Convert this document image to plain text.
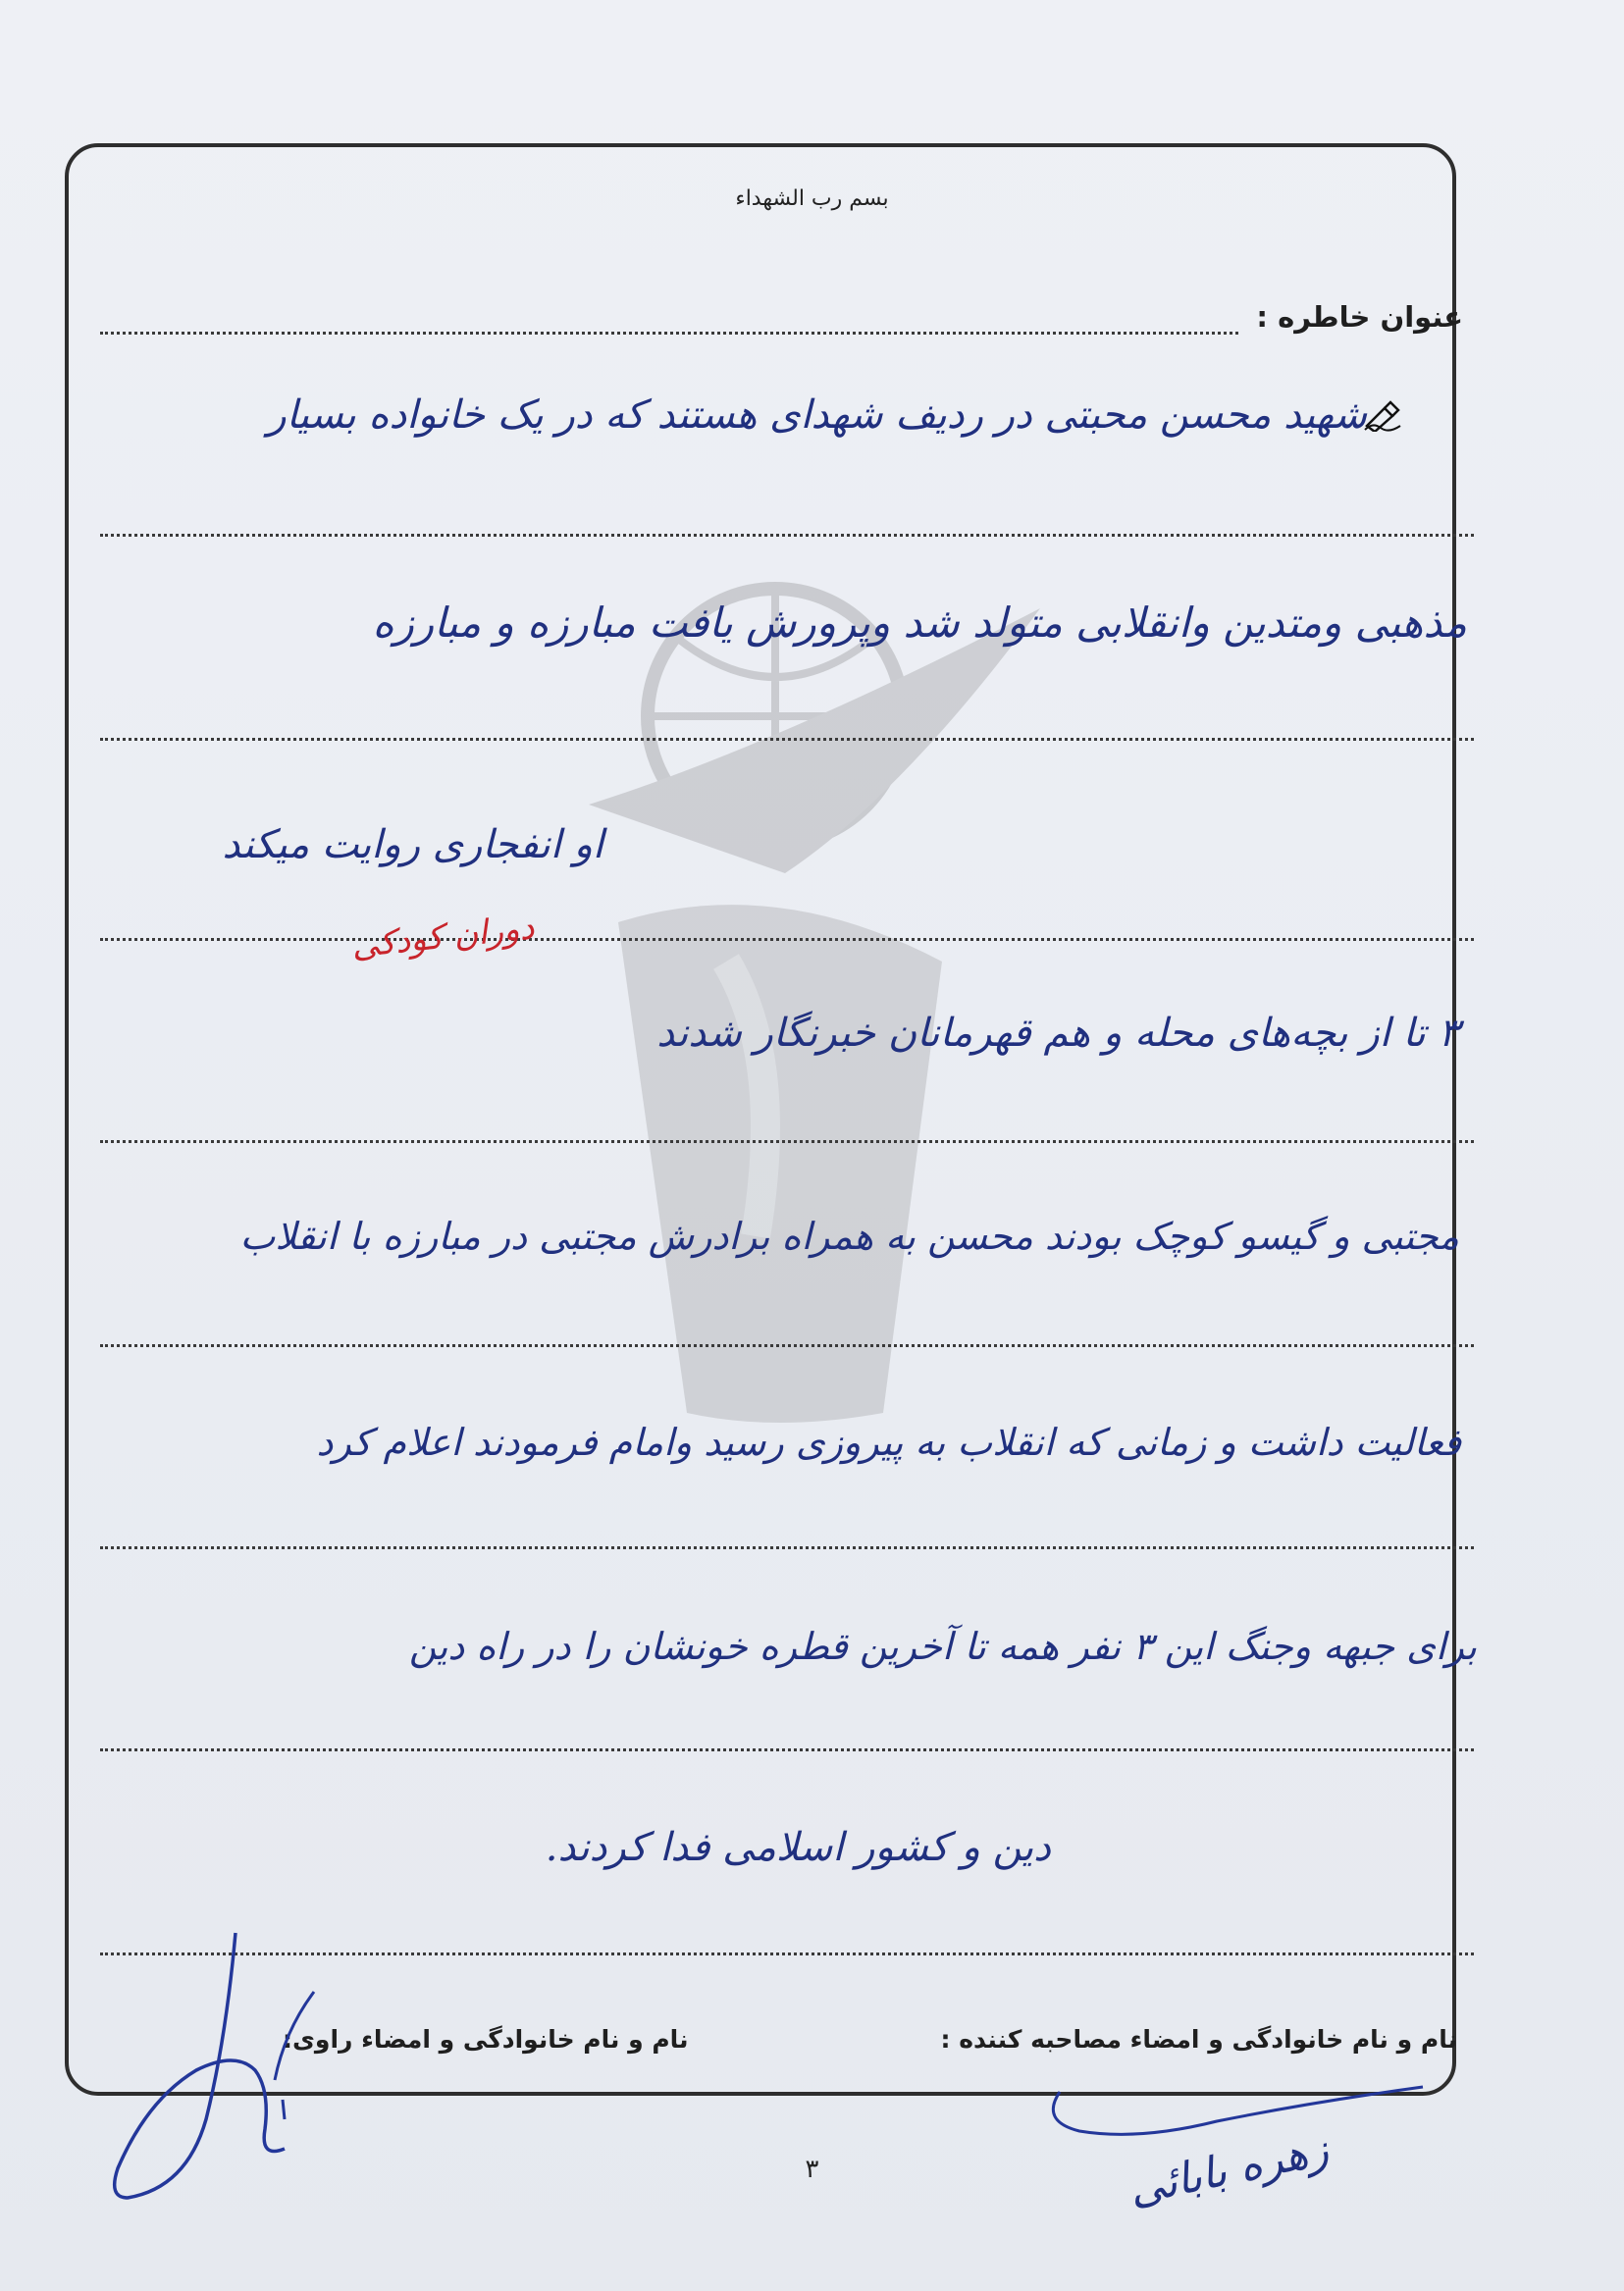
بسم رب الشهداء
عنوان خاطره :
شهید محسن محبتی در ردیف شهدای هستند که در یک خانواده بسیار
مذهبی ومتدین وانقلابی متولد شد وپرورش یافت مبارزه و مبارزه
او انفجاری روایت میکند
دوران کودکی
۳ تا از بچه‌های محله و هم قهرمانان خبرنگار شدند
مجتبی و گیسو کوچک بودند محسن به همراه برادرش مجتبی در مبارزه با انقلاب
فعالیت داشت و زمانی که انقلاب به پیروزی رسید وامام فرمودند اعلام کرد
برای جبهه وجنگ این ۳ نفر همه تا آخرین قطره خونشان را در راه دین
دین و کشور اسلامی فدا کردند.
نام و نام خانوادگی و امضاء مصاحبه کننده :
نام و نام خانوادگی و امضاء راوی:
زهره بابائی
۳
